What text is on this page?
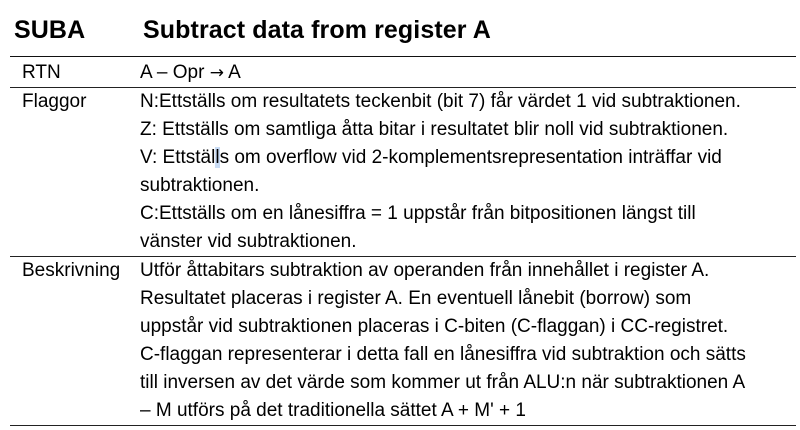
SUBA	Subtract data from register A
RTN	A – Opr → A
Flaggor	N:Ettställs om resultatets teckenbit (bit 7) får värdet 1 vid subtraktionen.
Z: Ettställs om samtliga åtta bitar i resultatet blir noll vid subtraktionen.
V: Ettställs om overflow vid 2-komplementsrepresentation inträffar vid
subtraktionen.
C:Ettställs om en lånesiffra = 1 uppstår från bitpositionen längst till
vänster vid subtraktionen.
Beskrivning Utför åttabitars subtraktion av operanden från innehållet i register A.
Resultatet placeras i register A. En eventuell lånebit (borrow) som
uppstår vid subtraktionen placeras i C-biten (C-flaggan) i CC-registret.
C-flaggan representerar i detta fall en lånesiffra vid subtraktion och sätts
till inversen av det värde som kommer ut från ALU:n när subtraktionen A
– M utförs på det traditionella sättet A + M' + 1
